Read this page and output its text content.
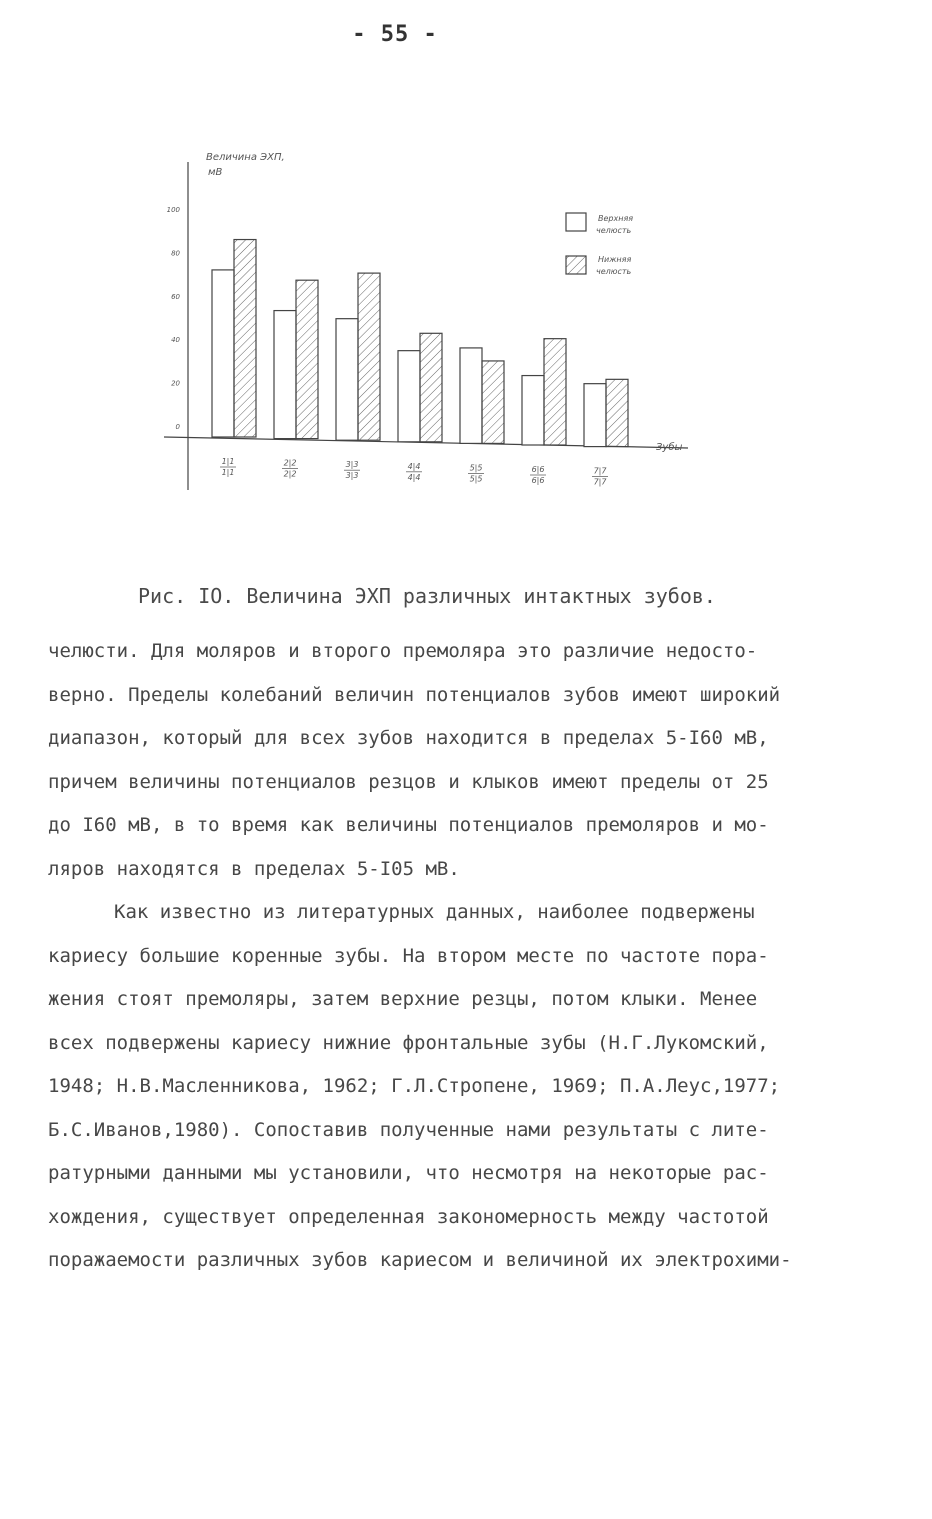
- 55 -
Величина ЭХП,
мВ
Зубы
Верхняя
челюсть
Нижняя
челюсть
0
20
40
60
80
100
1|1
1|1
2|2
2|2
3|3
3|3
4|4
4|4
5|5
5|5
6|6
6|6
7|7
7|7
Рис. IO. Величина ЭХП различных интактных зубов.

челюсти. Для моляров и второго премоляра это различие недосто-

верно. Пределы колебаний величин потенциалов зубов имеют широкий

диапазон, который для всех зубов находится в пределах 5-I60 мВ,

причем величины потенциалов резцов и клыков имеют пределы от 25

до I60 мВ, в то время как величины потенциалов премоляров и мо-

ляров находятся в пределах 5-I05 мВ.

Как известно из литературных данных, наиболее подвержены

кариесу большие коренные зубы. На втором месте по частоте пора-

жения стоят премоляры, затем верхние резцы, потом клыки. Менее

всех подвержены кариесу нижние фронтальные зубы (Н.Г.Лукомский,

1948; Н.В.Масленникова, 1962; Г.Л.Стропене, 1969; П.А.Леус,1977;

Б.С.Иванов,1980). Сопоставив полученные нами результаты с лите-

ратурными данными мы установили, что несмотря на некоторые рас-

хождения, существует определенная закономерность между частотой

поражаемости различных зубов кариесом и величиной их электрохими-
